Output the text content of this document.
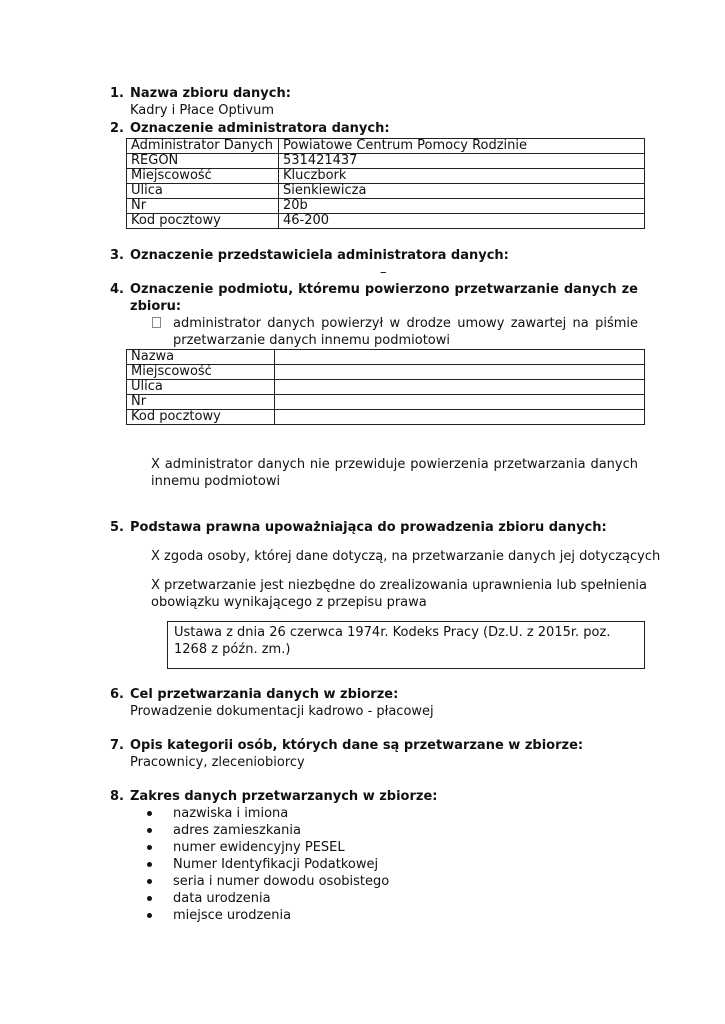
1. Nazwa zbioru danych:
Kadry i Płace Optivum
2. Oznaczenie administratora danych:
Administrator Danych	Powiatowe Centrum Pomocy Rodzinie
REGON	531421437
Miejscowość	Kluczbork
Ulica	Sienkiewicza
Nr	20b
Kod pocztowy	46-200
3. Oznaczenie przedstawiciela administratora danych:
–
4. Oznaczenie podmiotu, któremu powierzono przetwarzanie danych ze
zbioru:
administrator danych powierzył w drodze umowy zawartej na piśmie
przetwarzanie danych innemu podmiotowi
Nazwa	
Miejscowość	
Ulica	
Nr	
Kod pocztowy	
X administrator danych nie przewiduje powierzenia przetwarzania danych
innemu podmiotowi
5. Podstawa prawna upoważniająca do prowadzenia zbioru danych:
X zgoda osoby, której dane dotyczą, na przetwarzanie danych jej dotyczących
X przetwarzanie jest niezbędne do zrealizowania uprawnienia lub spełnienia
obowiązku wynikającego z przepisu prawa
Ustawa z dnia 26 czerwca 1974r. Kodeks Pracy (Dz.U. z 2015r. poz. 1268 z późn. zm.)
6. Cel przetwarzania danych w zbiorze:
Prowadzenie dokumentacji kadrowo - płacowej
7. Opis kategorii osób, których dane są przetwarzane w zbiorze:
Pracownicy, zleceniobiorcy
8. Zakres danych przetwarzanych w zbiorze:
nazwiska i imiona
adres zamieszkania
numer ewidencyjny PESEL
Numer Identyfikacji Podatkowej
seria i numer dowodu osobistego
data urodzenia
miejsce urodzenia
